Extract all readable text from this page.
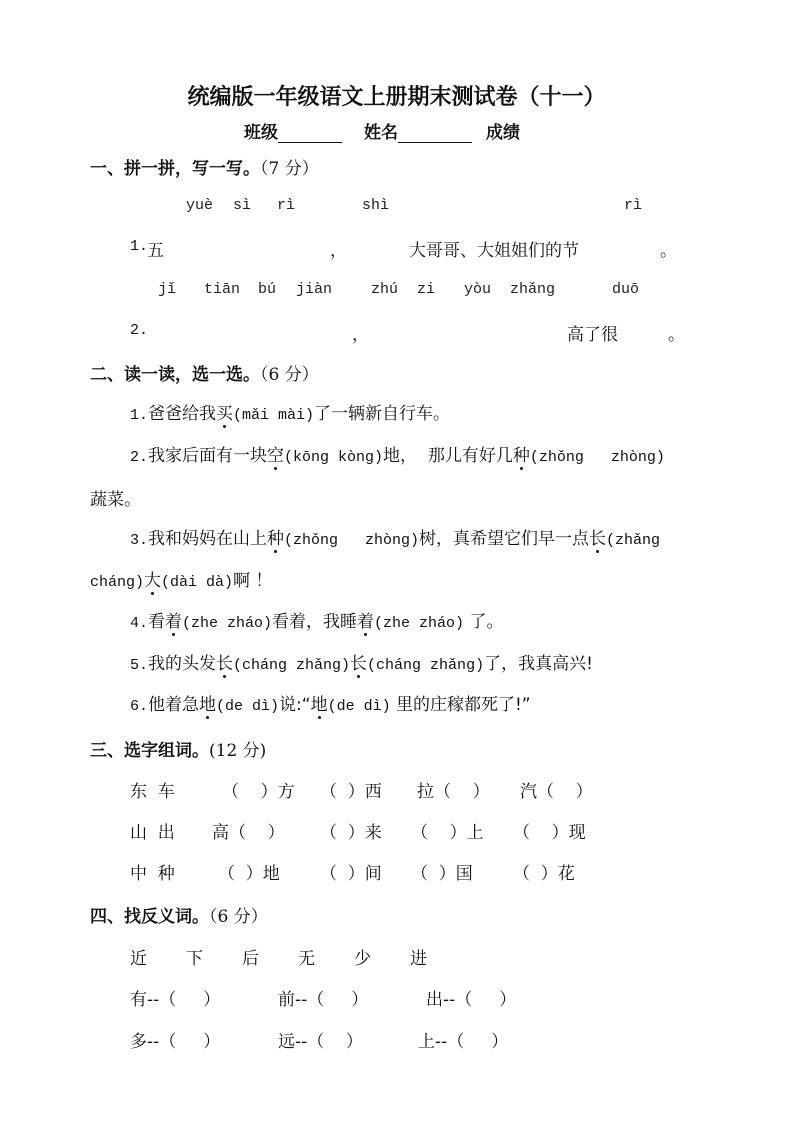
统编版一年级语文上册期末测试卷（十一）
班级	姓名	成绩
一、拼一拼，写一写。（7 分）
yuè sì rì	shì	rì
1.
五	，	大哥哥、大姐姐们的节	。
jǐ tiān bú jiàn	zhú zi yòu zhǎng	duō
2.	，	高了很	。
二、读一读，选一选。（6 分）
1.爸爸给我买(mǎi mài)了一辆新自行车。
2.我家后面有一块空(kōng kòng)地，  那儿有好几种(zhǒng   zhòng)
蔬菜。
3.我和妈妈在山上种(zhǒng   zhòng)树，真希望它们早一点长(zhǎng
cháng)大(dài dà)啊 ！
4.看着(zhe zháo)看着，我睡着(zhe zháo) 了。
5.我的头发长(cháng zhǎng)长(cháng zhǎng)了，我真高兴!
6.他着急地(de dì)说:“地(de dì) 里的庄稼都死了!”
三、选字组词。(12 分)
东  车	（    ）方 （  ）西 拉（    ） 汽（    ）
山  出 高（    ） （  ）来 （    ）上 （    ）现
中  种	（  ）地 （  ）间 （  ）国 （  ）花
四、找反义词。（6 分）
近 下 后 无 少 进
有--（     ）	前--（     ）	出--（     ）
多--（     ）	远--（    ）	上--（     ）
